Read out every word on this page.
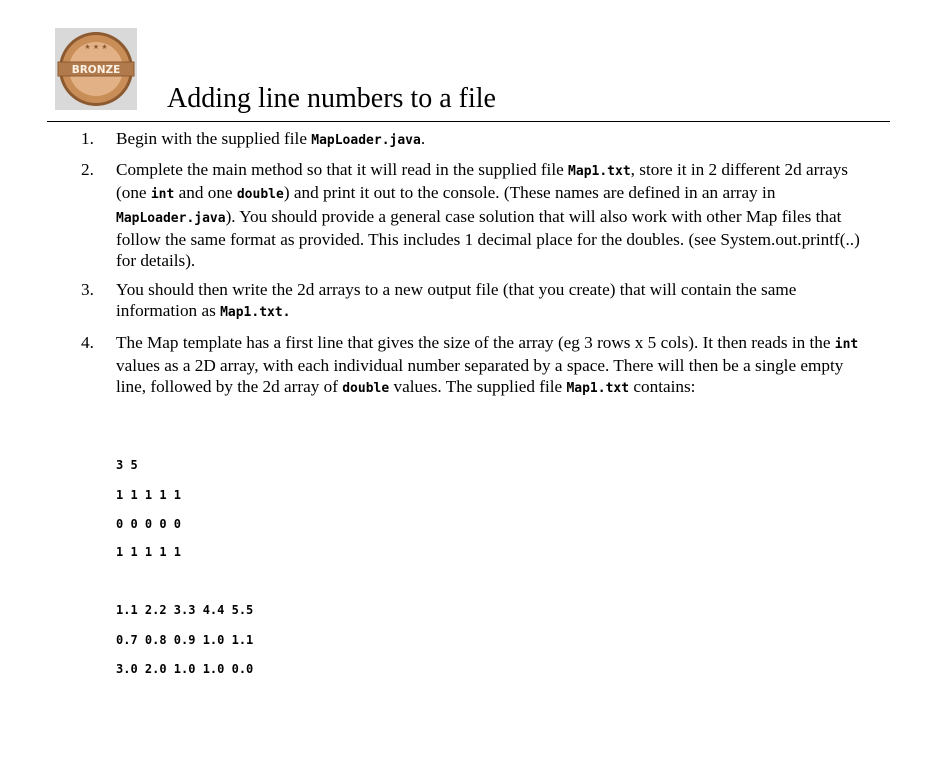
★ ★ ★
BRONZE
Adding line numbers to a file
1. Begin with the supplied file MapLoader.java.
2. Complete the main method so that it will read in the supplied file Map1.txt, store it in 2 different 2d arrays (one int and one double) and print it out to the console. (These names are defined in an array in MapLoader.java). You should provide a general case solution that will also work with other Map files that follow the same format as provided. This includes 1 decimal place for the doubles. (see System.out.printf(..) for details).
3. You should then write the 2d arrays to a new output file (that you create) that will contain the same information as Map1.txt.
4. The Map template has a first line that gives the size of the array (eg 3 rows x 5 cols). It then reads in the int values as a 2D array, with each individual number separated by a space. There will then be a single empty line, followed by the 2d array of double values. The supplied file Map1.txt contains:
3 5
1 1 1 1 1
0 0 0 0 0
1 1 1 1 1
1.1 2.2 3.3 4.4 5.5
0.7 0.8 0.9 1.0 1.1
3.0 2.0 1.0 1.0 0.0
